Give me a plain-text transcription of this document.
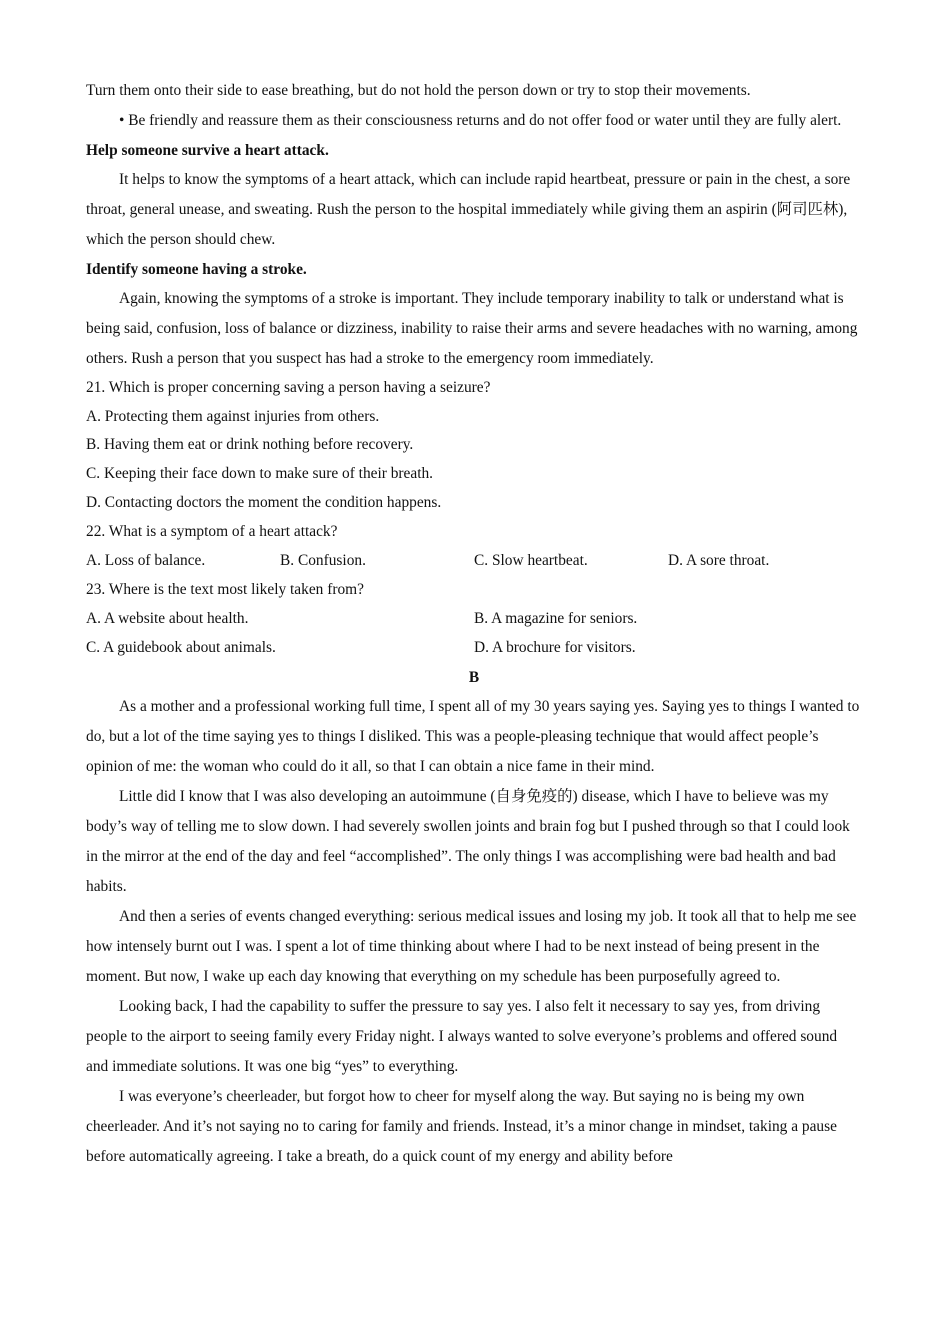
Turn them onto their side to ease breathing, but do not hold the person down or try to stop their movements.

• Be friendly and reassure them as their consciousness returns and do not offer food or water until they are fully alert.

Help someone survive a heart attack.

It helps to know the symptoms of a heart attack, which can include rapid heartbeat, pressure or pain in the chest, a sore throat, general unease, and sweating. Rush the person to the hospital immediately while giving them an aspirin (阿司匹林), which the person should chew.

Identify someone having a stroke.

Again, knowing the symptoms of a stroke is important. They include temporary inability to talk or understand what is being said, confusion, loss of balance or dizziness, inability to raise their arms and severe headaches with no warning, among others. Rush a person that you suspect has had a stroke to the emergency room immediately.

21. Which is proper concerning saving a person having a seizure?

A. Protecting them against injuries from others.

B. Having them eat or drink nothing before recovery.

C. Keeping their face down to make sure of their breath.

D. Contacting doctors the moment the condition happens.

22. What is a symptom of a heart attack?

A. Loss of balance.	B. Confusion.	C. Slow heartbeat.	D. A sore throat.

23. Where is the text most likely taken from?

A. A website about health.	B. A magazine for seniors.
C. A guidebook about animals.	D. A brochure for visitors.

B

As a mother and a professional working full time, I spent all of my 30 years saying yes. Saying yes to things I wanted to do, but a lot of the time saying yes to things I disliked. This was a people-pleasing technique that would affect people’s opinion of me: the woman who could do it all, so that I can obtain a nice fame in their mind.

Little did I know that I was also developing an autoimmune (自身免疫的) disease, which I have to believe was my body’s way of telling me to slow down. I had severely swollen joints and brain fog but I pushed through so that I could look in the mirror at the end of the day and feel “accomplished”. The only things I was accomplishing were bad health and bad habits.

And then a series of events changed everything: serious medical issues and losing my job. It took all that to help me see how intensely burnt out I was. I spent a lot of time thinking about where I had to be next instead of being present in the moment. But now, I wake up each day knowing that everything on my schedule has been purposefully agreed to.

Looking back, I had the capability to suffer the pressure to say yes. I also felt it necessary to say yes, from driving people to the airport to seeing family every Friday night. I always wanted to solve everyone’s problems and offered sound and immediate solutions. It was one big “yes” to everything.

I was everyone’s cheerleader, but forgot how to cheer for myself along the way. But saying no is being my own cheerleader. And it’s not saying no to caring for family and friends. Instead, it’s a minor change in mindset, taking a pause before automatically agreeing. I take a breath, do a quick count of my energy and ability before
